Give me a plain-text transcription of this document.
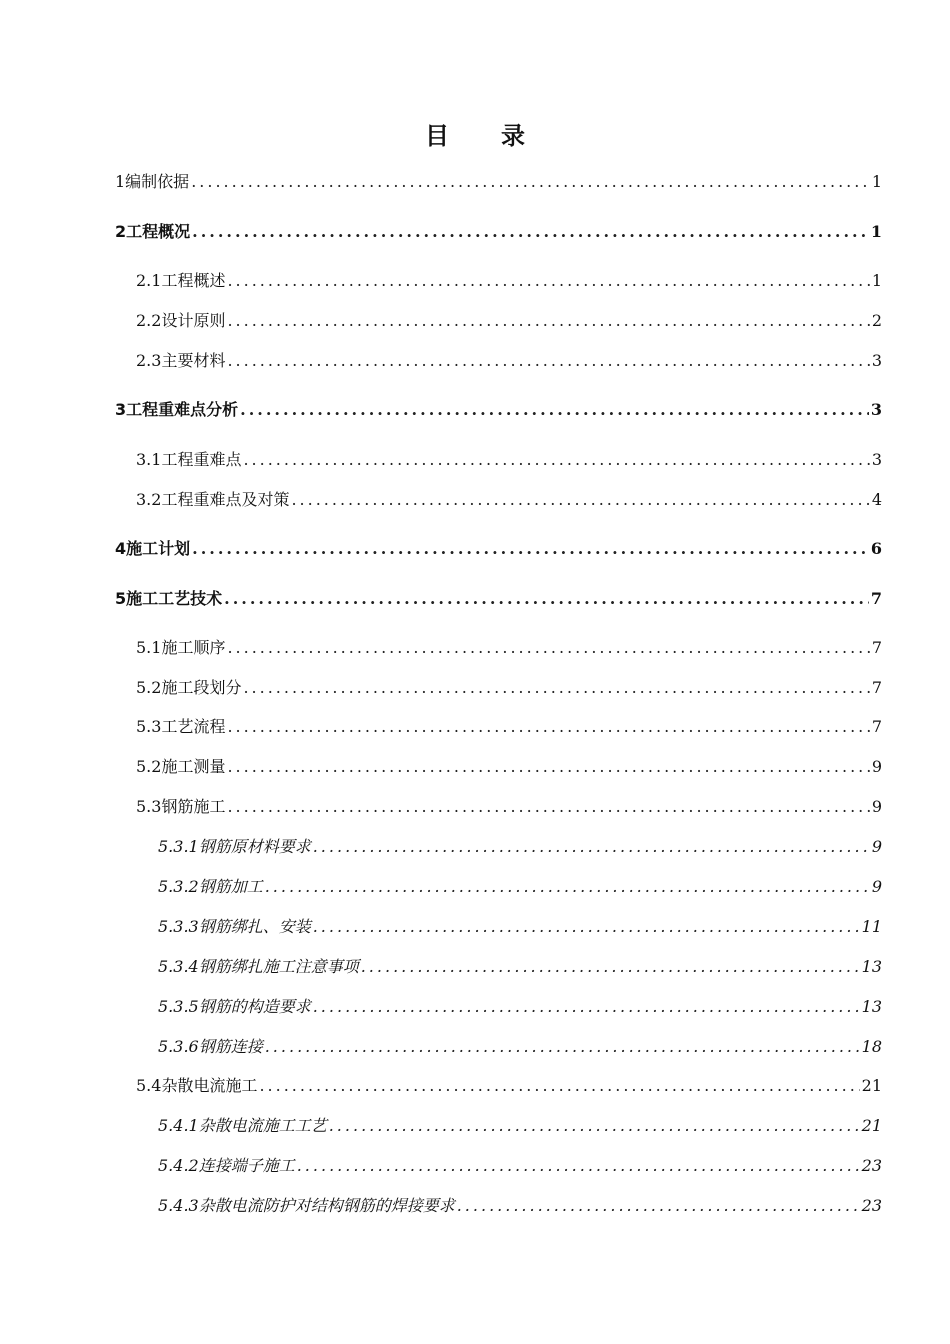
目　录
1编制依据 .....	1
2工程概况 .....	1
2.1工程概述 .....	1
2.2设计原则 .....	2
2.3主要材料 .....	3
3工程重难点分析 .....	3
3.1工程重难点 .....	3
3.2工程重难点及对策 .....	4
4施工计划 .....	6
5施工工艺技术 .....	7
5.1施工顺序 .....	7
5.2施工段划分 .....	7
5.3工艺流程 .....	7
5.2施工测量 .....	9
5.3钢筋施工 .....	9
5.3.1钢筋原材料要求 .....	9
5.3.2钢筋加工 .....	9
5.3.3钢筋绑扎、安装 .....	11
5.3.4钢筋绑扎施工注意事项 .....	13
5.3.5钢筋的构造要求 .....	13
5.3.6钢筋连接 .....	18
5.4杂散电流施工 .....	21
5.4.1杂散电流施工工艺 .....	21
5.4.2连接端子施工 .....	23
5.4.3杂散电流防护对结构钢筋的焊接要求 .....	23
